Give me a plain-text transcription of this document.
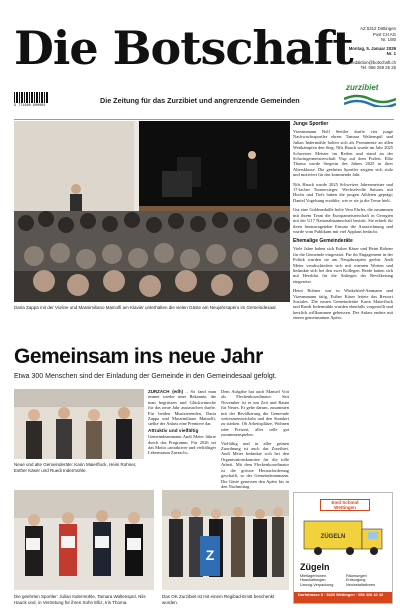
Die Botschaft	AZ 5312 Döttingen
Post CH AG
Nr. 1/80
Montag, 5. Januar 2026
Nr. 1
redaktion@botschaft.ch
Tel. 056 269 25 25
9 771660 600002
Die Zeitung für das Zurzibiet und angrenzende Gemeinden
zurzibiet
Daria Zappa mit der Violine und Massimiliano Mainolfi am Klavier unterhalten die vielen Gäste am Neujahrsapéro im Gemeindesaal.
Junge Sportler
Vizeammann Rolf Stettler durfte vier junge Nachwuchssportler ehren: Tamara Waltenspül und Julian Indermühle holten sich als Prominente an allen Wettkämpfen den Sieg; Nils Hauck wurde im Jahr 2025 Schweizer Meister im Reifen und stand an der Schwingermeisterschaft Visp auf dem Podest. Elliz Thoma wurde Siegerin des Jahres 2025 in ihrer Altersklasse. Die geehrten Sportler zeigten sich stolz und motiviert für das kommende Jahr.
Nils Hauck wurde 2025 Schweizer Jahresmeister und 17-facher Turniersieger. Wechselvolle Saisons mit Hochs und Tiefs haben die jungen Athleten geprägt; Daniel Vogelsang erzählte, wie er sie ja die Treue hielt.
Gut eine Goldmedaille holte Vera Ehrler, die zusammen mit ihrem Team die Europameisterschaft in Georgien mit der U17 Nationalmannschaft bestritt. Sie erhielt für ihren herausragenden Einsatz die Auszeichnung und wurde vom Publikum mit viel Applaus bedacht.
Ehemalige Gemeinderäte
Viele Jahre haben sich Esther Käser und Heini Rohner für die Gemeinde eingesetzt. Für ihr Engagement in der Politik wurden sie am Neujahrsapéro geehrt. Andi Meier verabschiedete sich mit warmen Worten und bedankte sich bei den zwei Kollegen. Beide hatten sich mit Herzblut für die Anliegen der Bevölkerung eingesetzt.
Heini Rohner war in Winkelried-Ammann und Vizeammann tätig, Esther Käser leitete das Ressort Soziales. Die neuen Gemeinderäte Karin Maierfluck und Ruedi Indermühle wurden ebenfalls vorgestellt und herzlich willkommen geheissen. Der Anlass endete mit einem gemeinsamen Apéro.
Gemeinsam ins neue Jahr
Etwa 300 Menschen sind der Einladung der Gemeinde in den Gemeindesaal gefolgt.
Neue und alte Gemeinderäte: Karin Maierfluck, Heini Rohner, Esther Käser und Ruedi Indermühle.
ZURZACH (edh) – So fand man immer wieder neue Bekannte, die man begrüssen und Glückwünsche für das neue Jahr austauschen durfte. Für beiden Musizierenden, Daria Zappa und Massimiliano Mainolfi, stellte der Anlass eine Premiere dar.
Attraktiv und vielfältig
Gemeindeammann Andi Meier führte durch das Programm. Für 2026 sei das Motto «attraktiver und vielfältiger Lebensraum Zurzach».
Dem Aufgabe hat auch Manuel Voit als Fleckenkoordinator. Seit November ist es um Zeit und Raum für Neues. Er gehe darum, zusammen mit der Bevölkerung die Gemeinde weiterzuentwickeln und den Standort zu stärken. Ob Arbeitsplätze, Wohnen oder Freizeit, alles solle gut zusammenspielen.
Vielfältig und in aller grünen Zuordnung ist auch das Zurzibiet. Andi Meier bedankte sich bei den Organisationskomitee für die tolle Arbeit. Mit dem Fleckenkoordinator ist die grösste Herausforderung geschafft, so der Gemeindeammann. Die Gäste genossen den Apéro bis in den Nachmittag.
Die geehrten Sportler: Julian Indermühle, Tamara Waltenspül, Nils Hauck und, in Vertretung für ihren Sohn Elliz, Iris Thoma.
Z
Das OK Zurzibiet ist mit einem Regibad-Emitt beschenkt worden.
Emil Schmid
Wettingen
ZÜGELN
Zügeln
Mietlagerboxen
Haushaltungen
Umzug-Verpackung
Räumungen
Entsorgung
Neuinstallationen
Dorfstrasse 8 · 5430 Wettingen · 056 426 42 42
